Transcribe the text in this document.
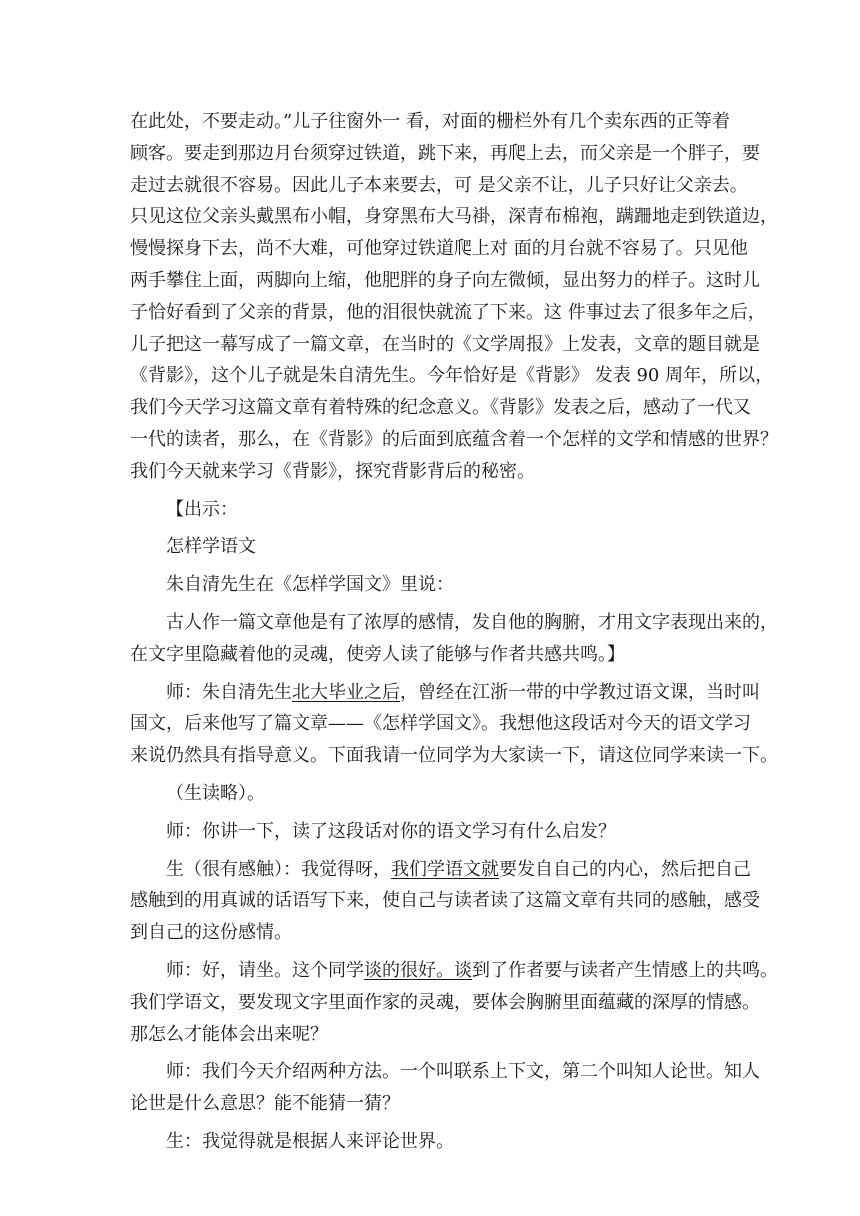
在此处，不要走动。”儿子往窗外一 看，对面的栅栏外有几个卖东西的正等着
顾客。要走到那边月台须穿过铁道，跳下来，再爬上去，而父亲是一个胖子，要
走过去就很不容易。因此儿子本来要去，可 是父亲不让，儿子只好让父亲去。
只见这位父亲头戴黑布小帽，身穿黑布大马褂，深青布棉袍，蹒跚地走到铁道边，
慢慢探身下去，尚不大难，可他穿过铁道爬上对 面的月台就不容易了。只见他
两手攀住上面，两脚向上缩，他肥胖的身子向左微倾，显出努力的样子。这时儿
子恰好看到了父亲的背景，他的泪很快就流了下来。这 件事过去了很多年之后，
儿子把这一幕写成了一篇文章，在当时的《文学周报》上发表，文章的题目就是
《背影》，这个儿子就是朱自清先生。今年恰好是《背影》 发表 90 周年，所以，
我们今天学习这篇文章有着特殊的纪念意义。《背影》发表之后，感动了一代又
一代的读者，那么，在《背影》的后面到底蕴含着一个怎样的文学和情感的世界？
我们今天就来学习《背影》，探究背影背后的秘密。
【出示：
怎样学语文
朱自清先生在《怎样学国文》里说：
古人作一篇文章他是有了浓厚的感情，发自他的胸腑，才用文字表现出来的，
在文字里隐藏着他的灵魂，使旁人读了能够与作者共感共鸣。】
师：朱自清先生北大毕业之后，曾经在江浙一带的中学教过语文课，当时叫
国文，后来他写了篇文章——《怎样学国文》。我想他这段话对今天的语文学习
来说仍然具有指导意义。下面我请一位同学为大家读一下，请这位同学来读一下。
（生读略）。
师：你讲一下，读了这段话对你的语文学习有什么启发？
生（很有感触）：我觉得呀，我们学语文就要发自自己的内心，然后把自己
感触到的用真诚的话语写下来，使自己与读者读了这篇文章有共同的感触，感受
到自己的这份感情。
师：好，请坐。这个同学谈的很好。谈到了作者要与读者产生情感上的共鸣。
我们学语文，要发现文字里面作家的灵魂，要体会胸腑里面蕴藏的深厚的情感。
那怎么才能体会出来呢？
师：我们今天介绍两种方法。一个叫联系上下文，第二个叫知人论世。知人
论世是什么意思？能不能猜一猜？
生：我觉得就是根据人来评论世界。
